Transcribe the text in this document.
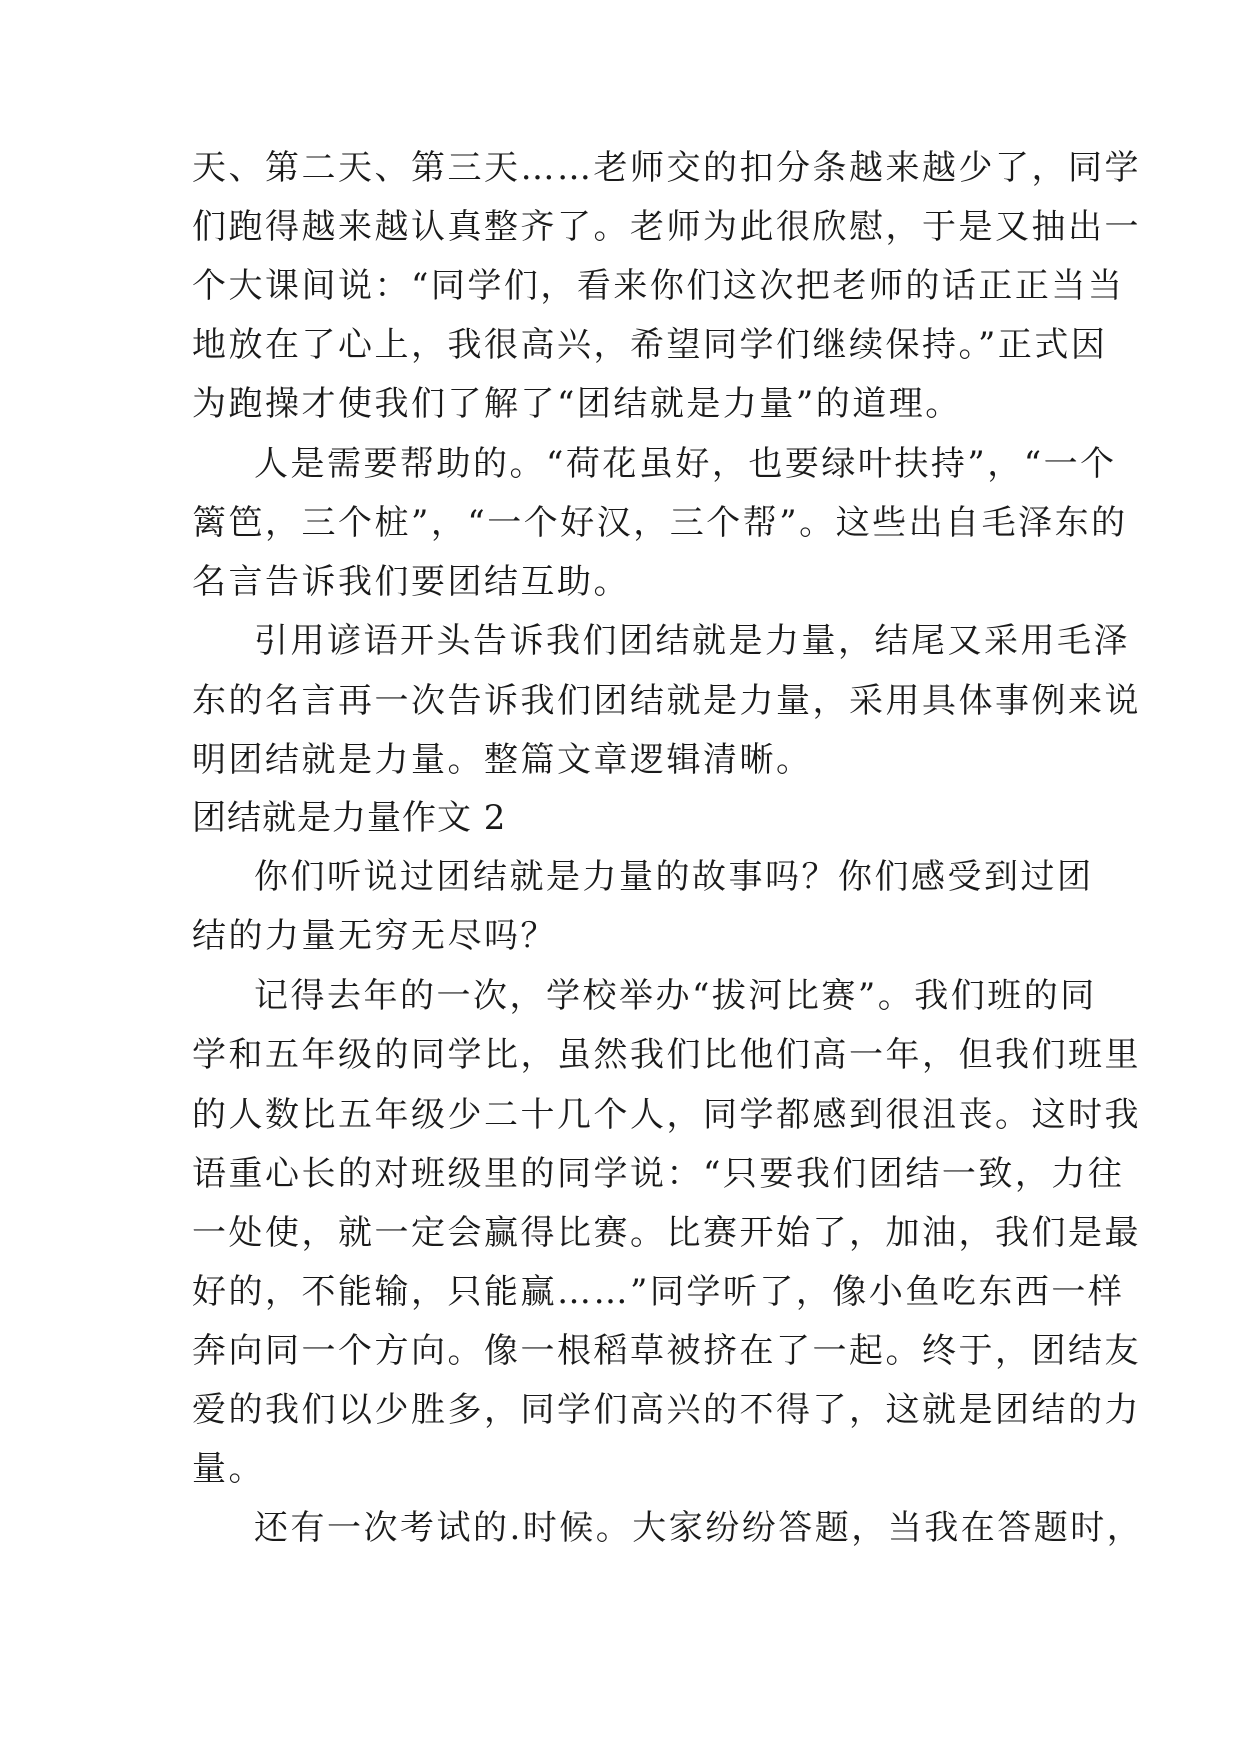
天、第二天、第三天……老师交的扣分条越来越少了，同学
们跑得越来越认真整齐了。老师为此很欣慰，于是又抽出一
个大课间说：“同学们，看来你们这次把老师的话正正当当
地放在了心上，我很高兴，希望同学们继续保持。”正式因
为跑操才使我们了解了“团结就是力量”的道理。
人是需要帮助的。“荷花虽好，也要绿叶扶持”，“一个
篱笆，三个桩”，“一个好汉，三个帮”。这些出自毛泽东的
名言告诉我们要团结互助。
引用谚语开头告诉我们团结就是力量，结尾又采用毛泽
东的名言再一次告诉我们团结就是力量，采用具体事例来说
明团结就是力量。整篇文章逻辑清晰。
团结就是力量作文 2
你们听说过团结就是力量的故事吗？你们感受到过团
结的力量无穷无尽吗？
记得去年的一次，学校举办“拔河比赛”。我们班的同
学和五年级的同学比，虽然我们比他们高一年，但我们班里
的人数比五年级少二十几个人，同学都感到很沮丧。这时我
语重心长的对班级里的同学说：“只要我们团结一致，力往
一处使，就一定会赢得比赛。比赛开始了，加油，我们是最
好的，不能输，只能赢……”同学听了，像小鱼吃东西一样
奔向同一个方向。像一根稻草被挤在了一起。终于，团结友
爱的我们以少胜多，同学们高兴的不得了，这就是团结的力
量。
还有一次考试的.时候。大家纷纷答题，当我在答题时，
